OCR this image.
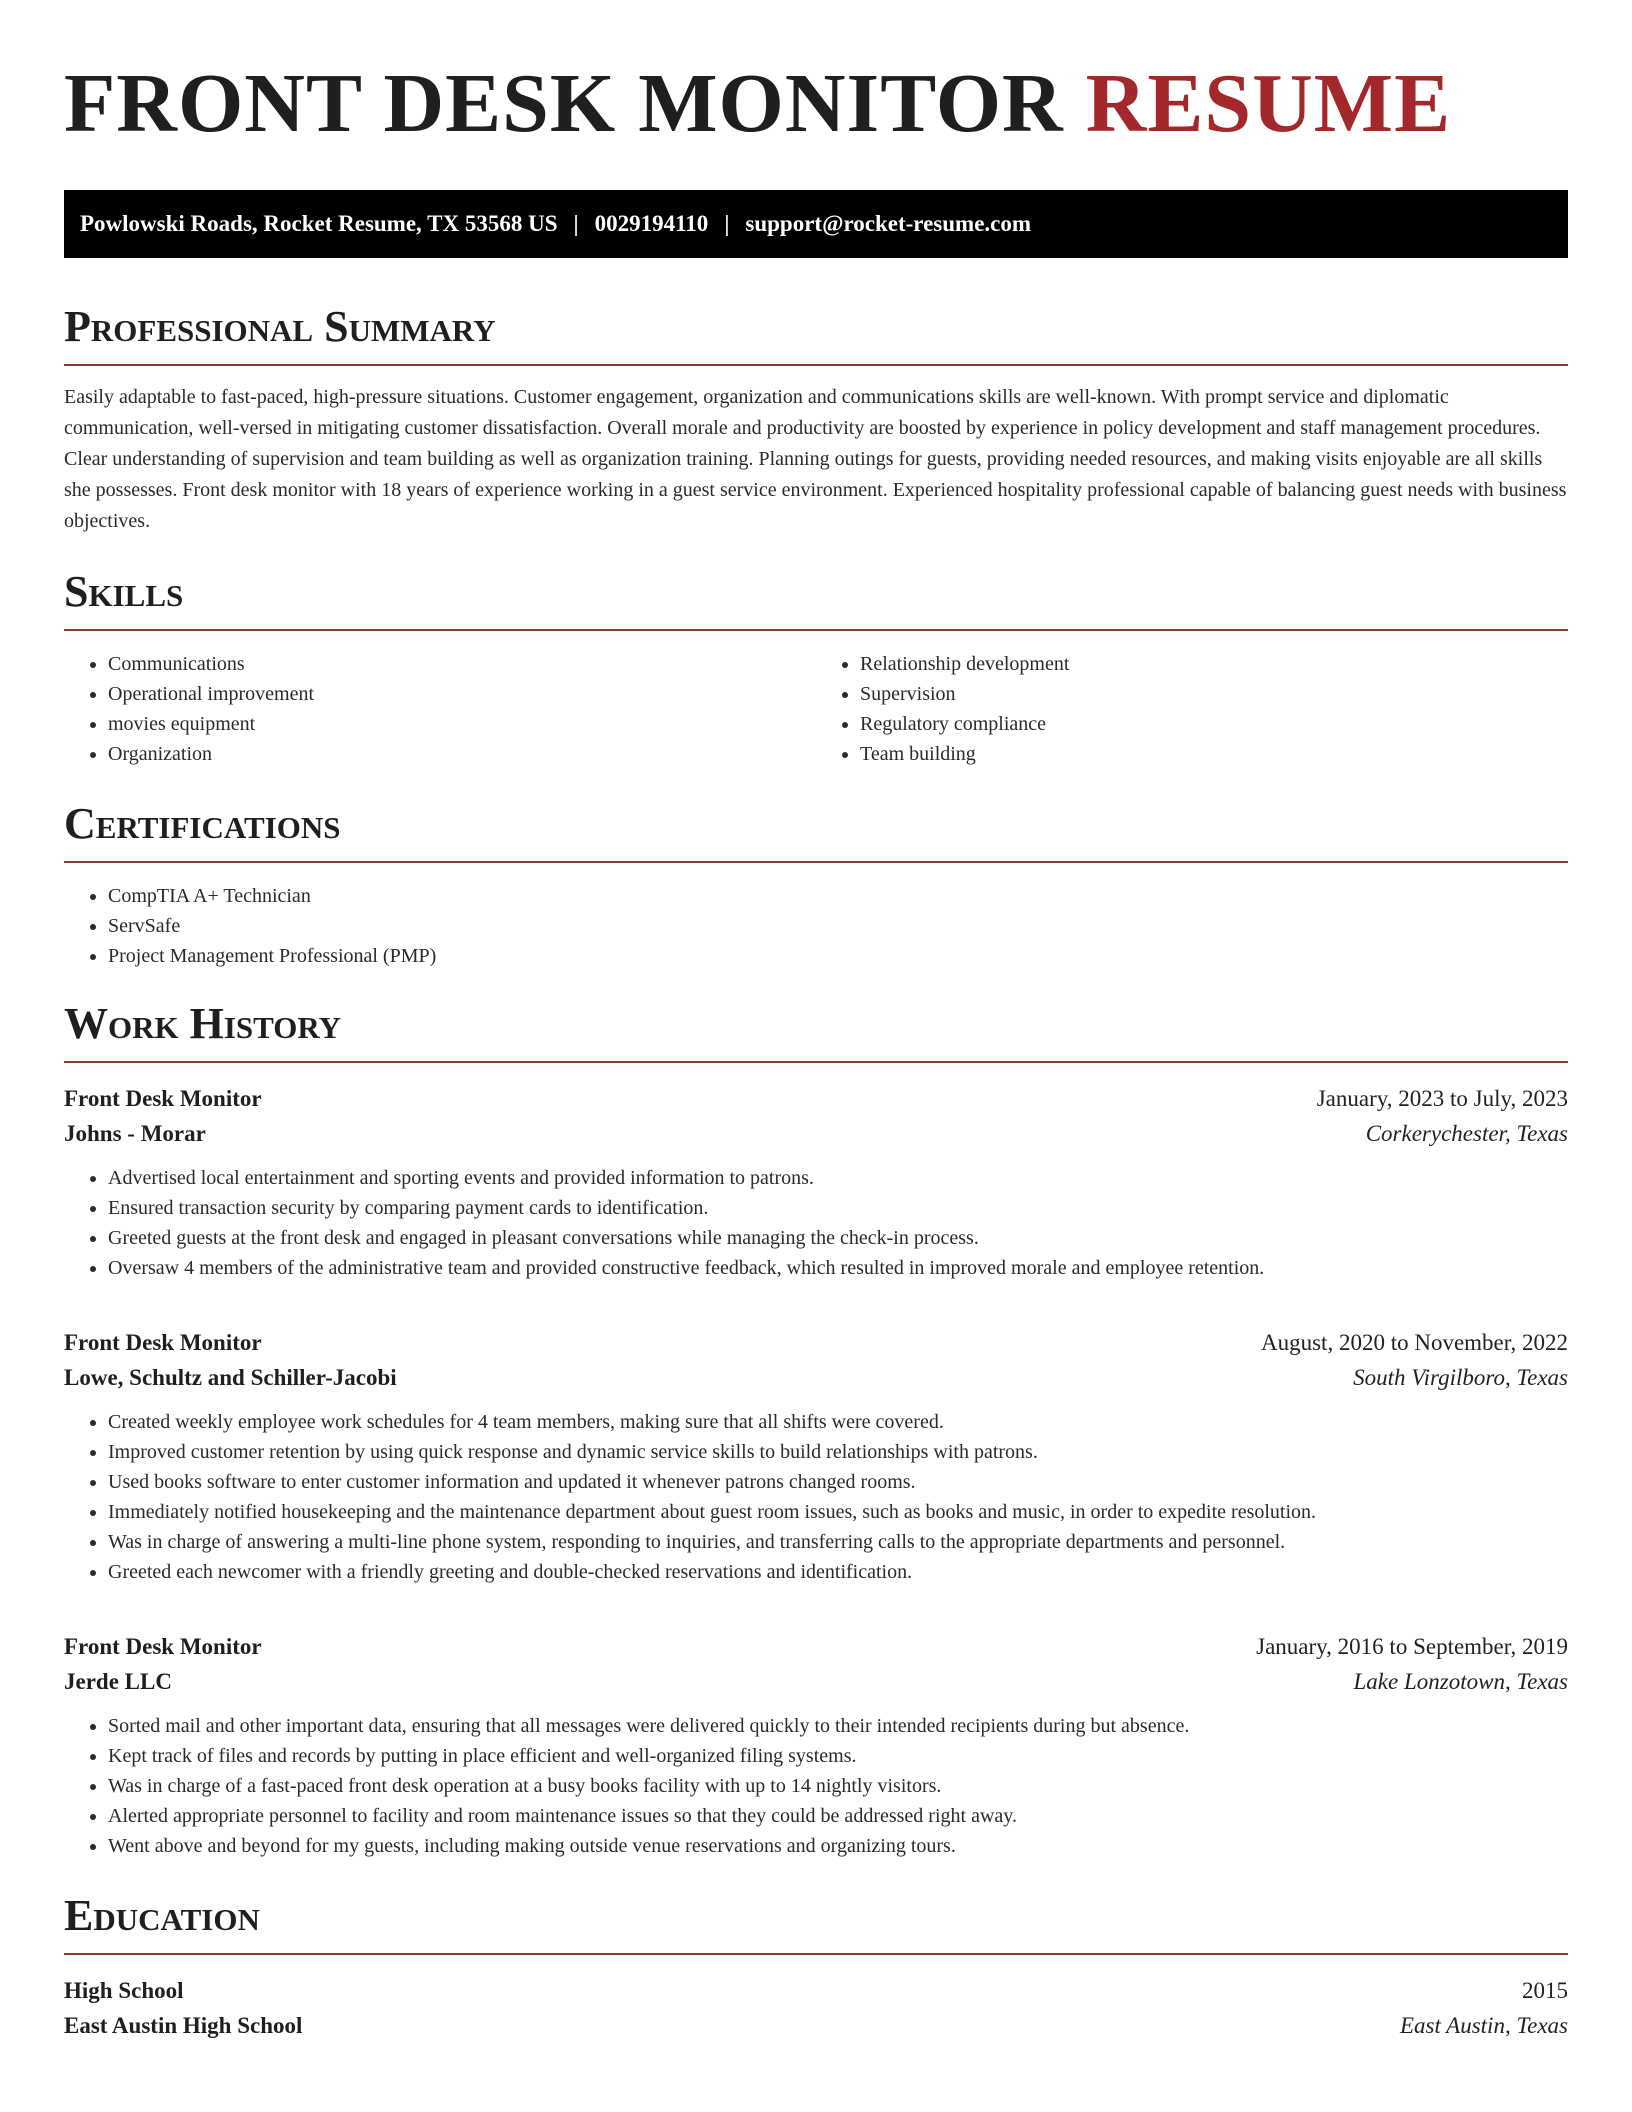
FRONT DESK MONITOR RESUME
Powlowski Roads, Rocket Resume, TX 53568 US | 0029194110 | support@rocket-resume.com
Professional Summary

Easily adaptable to fast-paced, high-pressure situations. Customer engagement, organization and communications skills are well-known. With prompt service and diplomatic communication, well-versed in mitigating customer dissatisfaction. Overall morale and productivity are boosted by experience in policy development and staff management procedures. Clear understanding of supervision and team building as well as organization training. Planning outings for guests, providing needed resources, and making visits enjoyable are all skills she possesses. Front desk monitor with 18 years of experience working in a guest service environment. Experienced hospitality professional capable of balancing guest needs with business objectives.

Skills
• Communications
• Operational improvement
• movies equipment
• Organization
• Relationship development
• Supervision
• Regulatory compliance
• Team building
Certifications
• CompTIA A+ Technician
• ServSafe
• Project Management Professional (PMP)
Work History
Front Desk Monitor	January, 2023 to July, 2023
Johns - Morar	Corkerychester, Texas
• Advertised local entertainment and sporting events and provided information to patrons.
• Ensured transaction security by comparing payment cards to identification.
• Greeted guests at the front desk and engaged in pleasant conversations while managing the check-in process.
• Oversaw 4 members of the administrative team and provided constructive feedback, which resulted in improved morale and employee retention.
Front Desk Monitor	August, 2020 to November, 2022
Lowe, Schultz and Schiller-Jacobi	South Virgilboro, Texas
• Created weekly employee work schedules for 4 team members, making sure that all shifts were covered.
• Improved customer retention by using quick response and dynamic service skills to build relationships with patrons.
• Used books software to enter customer information and updated it whenever patrons changed rooms.
• Immediately notified housekeeping and the maintenance department about guest room issues, such as books and music, in order to expedite resolution.
• Was in charge of answering a multi-line phone system, responding to inquiries, and transferring calls to the appropriate departments and personnel.
• Greeted each newcomer with a friendly greeting and double-checked reservations and identification.
Front Desk Monitor	January, 2016 to September, 2019
Jerde LLC	Lake Lonzotown, Texas
• Sorted mail and other important data, ensuring that all messages were delivered quickly to their intended recipients during but absence.
• Kept track of files and records by putting in place efficient and well-organized filing systems.
• Was in charge of a fast-paced front desk operation at a busy books facility with up to 14 nightly visitors.
• Alerted appropriate personnel to facility and room maintenance issues so that they could be addressed right away.
• Went above and beyond for my guests, including making outside venue reservations and organizing tours.
Education
High School	2015
East Austin High School	East Austin, Texas
